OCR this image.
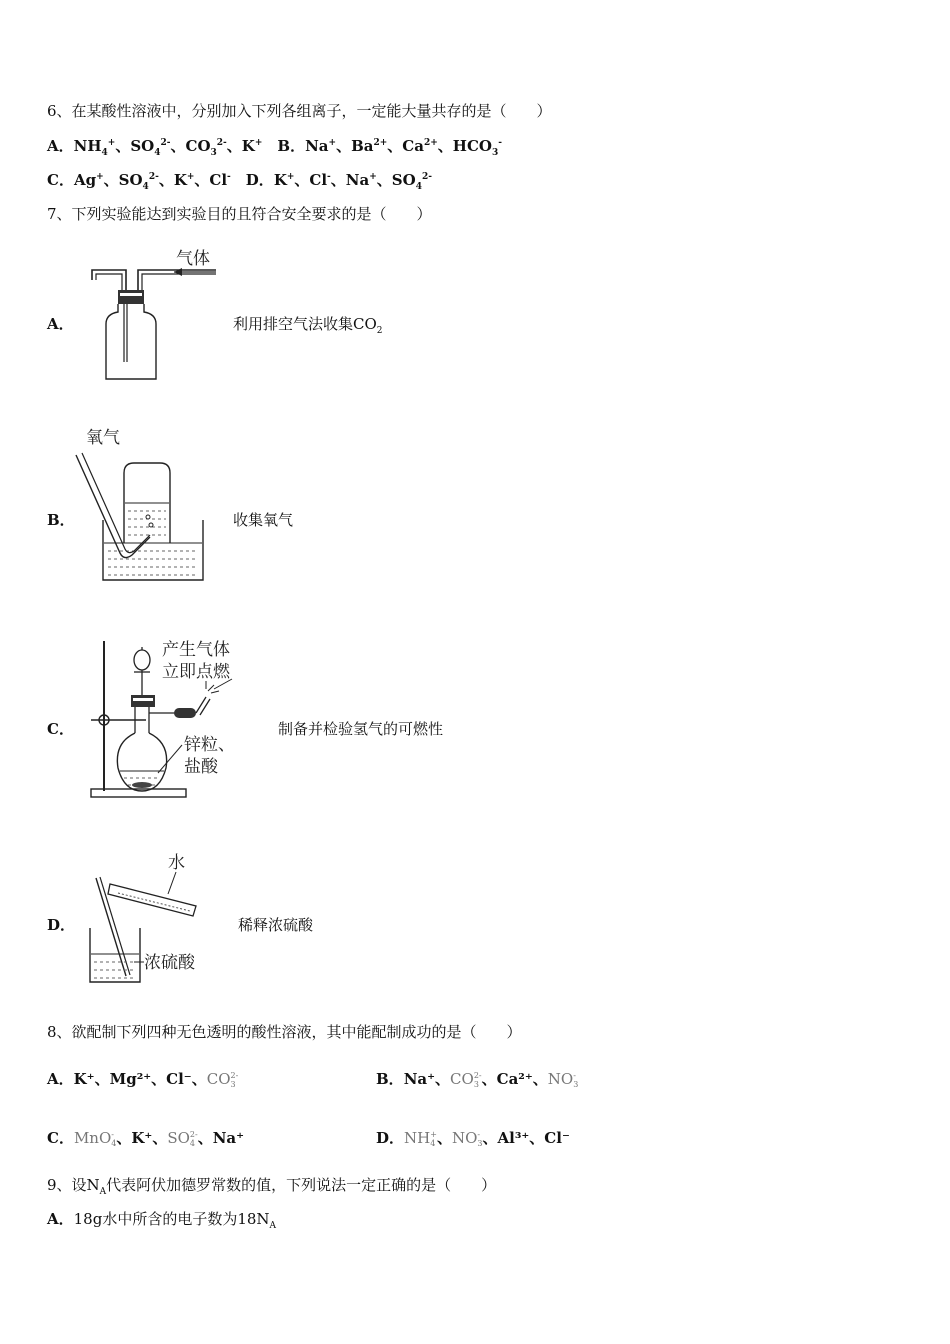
6、在某酸性溶液中，分别加入下列各组离子，一定能大量共存的是（　　）
A．$NH_4^+$、$SO_4^{2-}$、$CO_3^{2-}$、K+　B．Na+、$Ba^{2+}$、$Ca^{2+}$、$HCO_3^-$
C．Ag+、$SO_4^{2-}$、K+、Cl-　D．K+、Cl-、Na+、$SO_4^{2-}$
7、下列实验能达到实验目的且符合安全要求的是（　　）
A．
气体
利用排空气法收集$CO_2$
B．
氧气
收集氧气
C．
产生气体
立即点燃
锌粒、
盐酸
制备并检验氢气的可燃性
D．
水
浓硫酸
稀释浓硫酸
8、欲配制下列四种无色透明的酸性溶液，其中能配制成功的是（　　）
A．K⁺、Mg²⁺、Cl⁻、CO 2-
3	B．Na⁺、CO 2-
3 、Ca²⁺、NO -
3
C．MnO -
4 、K⁺、SO 2-
4 、Na⁺	D．NH +
4 、NO -
3 、Al³⁺、Cl⁻
9、设$N_A$代表阿伏加德罗常数的值，下列说法一定正确的是（　　）
A．18g水中所含的电子数为$18N_A$
